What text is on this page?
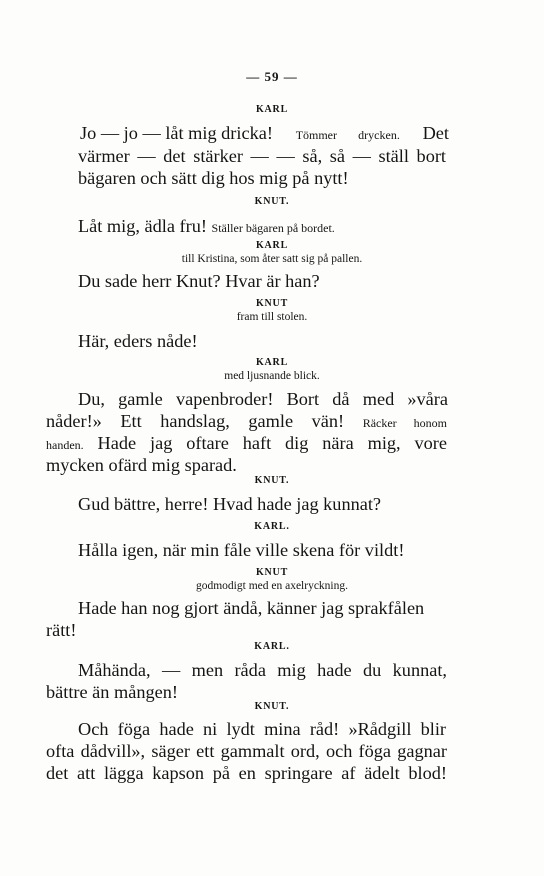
— 59 —
KARL
Jo — jo — låt mig dricka! Tömmer drycken. Det
värmer — det stärker — — så, så — ställ bort
bägaren och sätt dig hos mig på nytt!
KNUT.
Låt mig, ädla fru! Ställer bägaren på bordet.
KARL
till Kristina, som åter satt sig på pallen.
Du sade herr Knut? Hvar är han?
KNUT
fram till stolen.
Här, eders nåde!
KARL
med ljusnande blick.
Du, gamle vapenbroder! Bort då med »våra
nåder!» Ett handslag, gamle vän! Räcker honom
handen. Hade jag oftare haft dig nära mig, vore
mycken ofärd mig sparad.
KNUT.
Gud bättre, herre! Hvad hade jag kunnat?
KARL.
Hålla igen, när min fåle ville skena för vildt!
KNUT
godmodigt med en axelryckning.
Hade han nog gjort ändå, känner jag sprakfålen
rätt!
KARL.
Måhända, — men råda mig hade du kunnat,
bättre än mången!
KNUT.
Och föga hade ni lydt mina råd! »Rådgill blir
ofta dådvill», säger ett gammalt ord, och föga gagnar
det att lägga kapson på en springare af ädelt blod!
